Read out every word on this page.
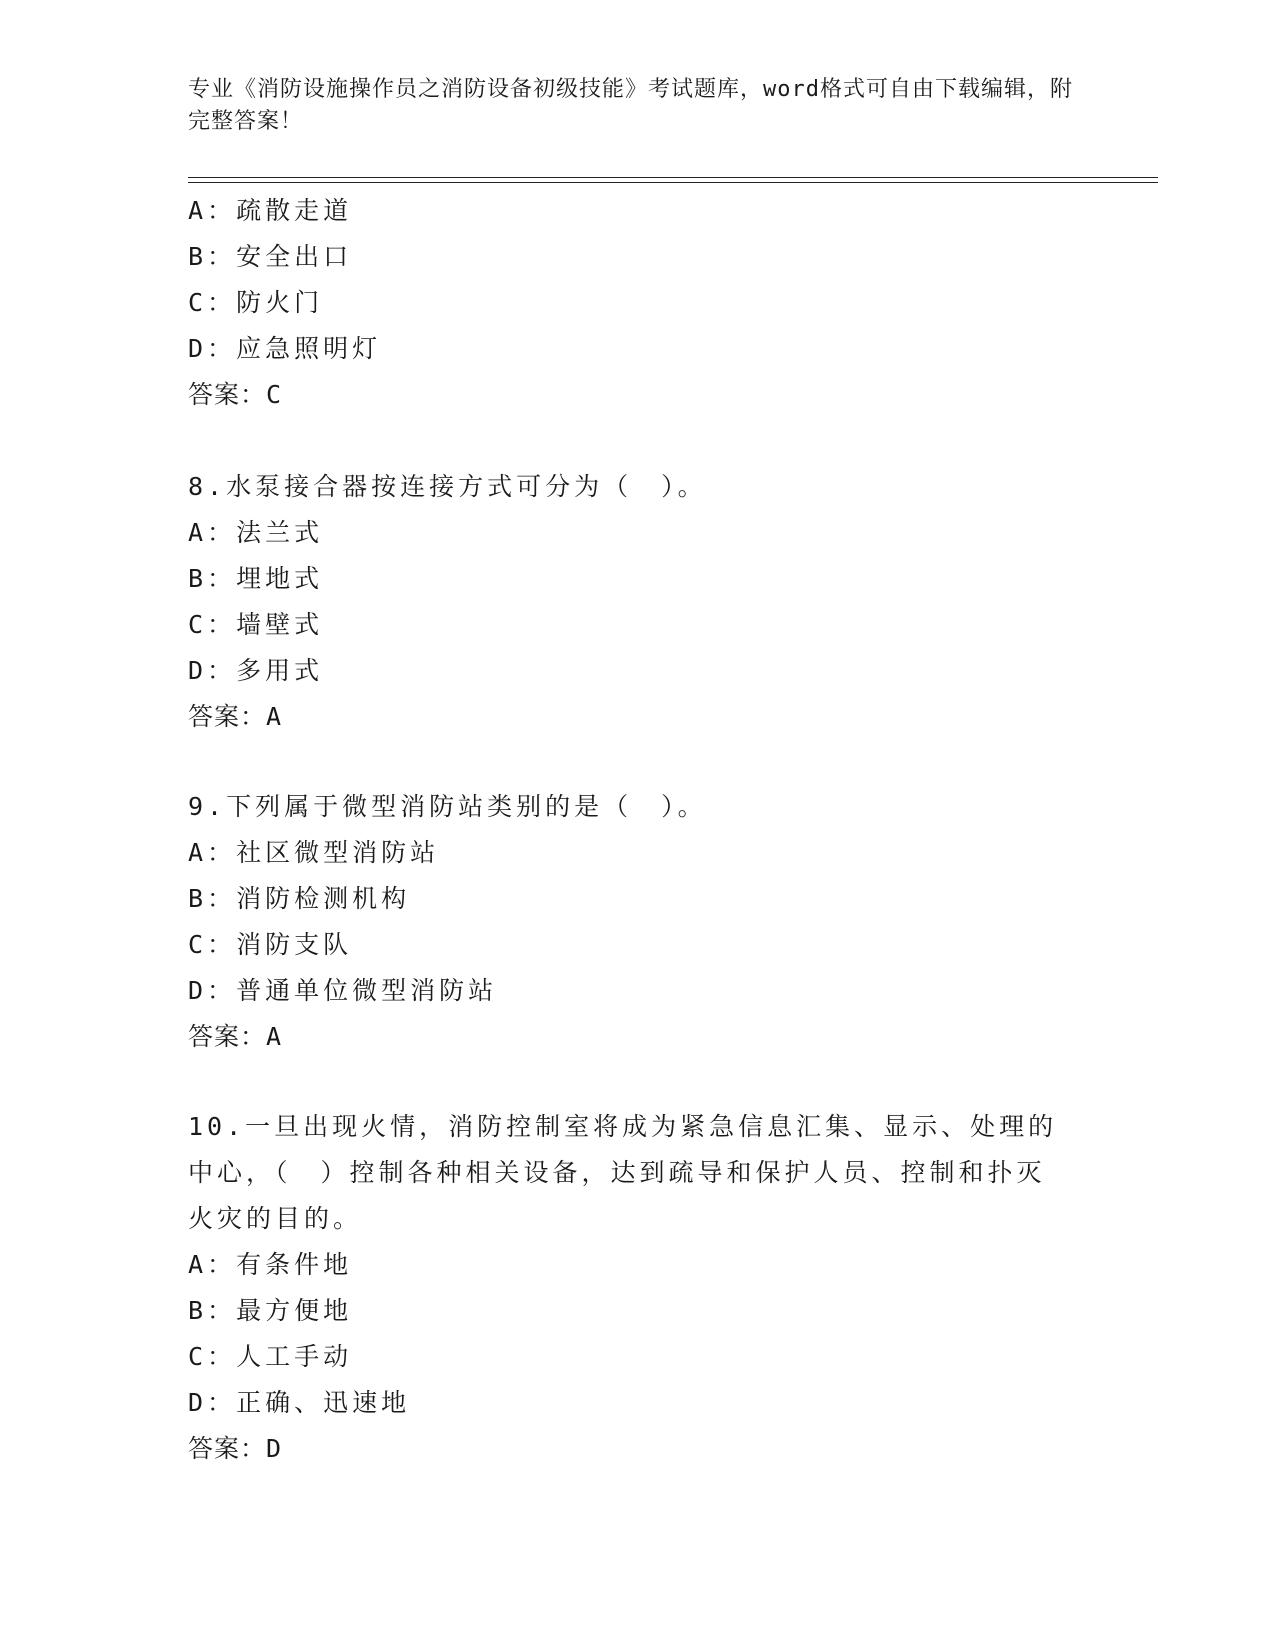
专业《消防设施操作员之消防设备初级技能》考试题库，word格式可自由下载编辑，附完整答案！
A：疏散走道
B：安全出口
C：防火门
D：应急照明灯
答案：C
8.水泵接合器按连接方式可分为（　）。
A：法兰式
B：埋地式
C：墙壁式
D：多用式
答案：A
9.下列属于微型消防站类别的是（　）。
A：社区微型消防站
B：消防检测机构
C：消防支队
D：普通单位微型消防站
答案：A
10.一旦出现火情，消防控制室将成为紧急信息汇集、显示、处理的中心，（　）控制各种相关设备，达到疏导和保护人员、控制和扑灭火灾的目的。
A：有条件地
B：最方便地
C：人工手动
D：正确、迅速地
答案：D
